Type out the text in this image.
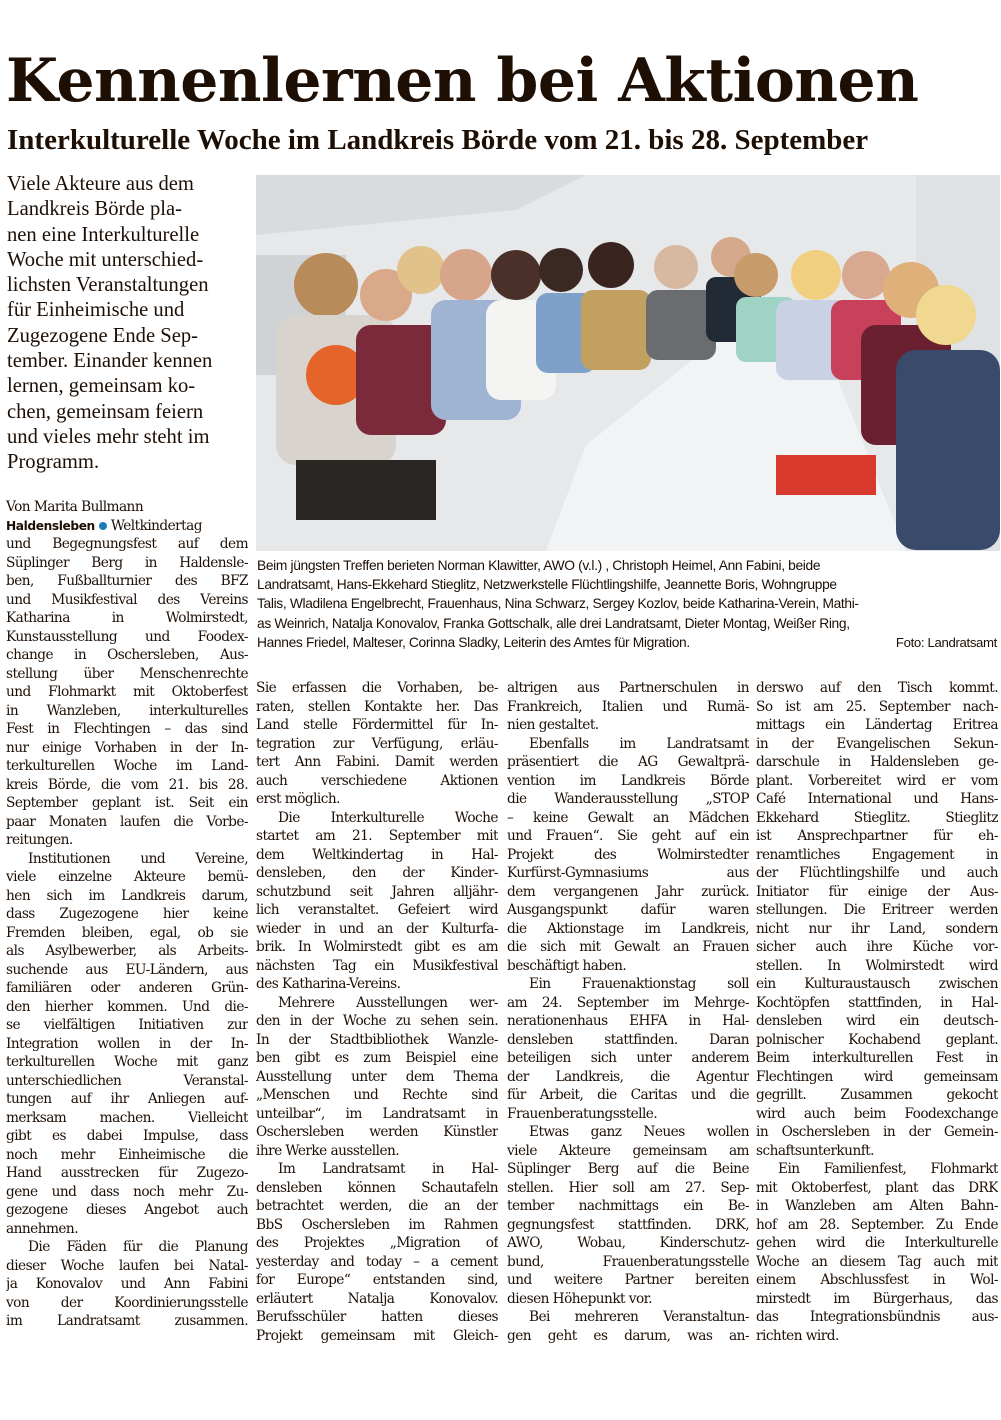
Kennenlernen bei Aktionen
Interkulturelle Woche im Landkreis Börde vom 21. bis 28. September
Viele Akteure aus dem
Landkreis Börde pla-
nen eine Interkulturelle
Woche mit unterschied-
lichsten Veranstaltungen
für Einheimische und
Zugezogene Ende Sep-
tember. Einander kennen
lernen, gemeinsam ko-
chen, gemeinsam feiern
und vieles mehr steht im
Programm.
Beim jüngsten Treffen berieten Norman Klawitter, AWO (v.l.) , Christoph Heimel, Ann Fabini, beide
Landratsamt, Hans-Ekkehard Stieglitz, Netzwerkstelle Flüchtlingshilfe, Jeannette Boris, Wohngruppe
Talis, Wladilena Engelbrecht, Frauenhaus, Nina Schwarz, Sergey Kozlov, beide Katharina-Verein, Mathi-
as Weinrich, Natalja Konovalov, Franka Gottschalk, alle drei Landratsamt, Dieter Montag, Weißer Ring,
Hannes Friedel, Malteser, Corinna Sladky, Leiterin des Amtes für Migration.	Foto: Landratsamt
Von Marita Bullmann
Haldensleben Weltkindertag
und Begegnungsfest auf dem
Süplinger Berg in Haldensle-
ben, Fußballturnier des BFZ
und Musikfestival des Vereins
Katharina in Wolmirstedt,
Kunstausstellung und Foodex-
change in Oschersleben, Aus-
stellung über Menschenrechte
und Flohmarkt mit Oktoberfest
in Wanzleben, interkulturelles
Fest in Flechtingen – das sind
nur einige Vorhaben in der In-
terkulturellen Woche im Land-
kreis Börde, die vom 21. bis 28.
September geplant ist. Seit ein
paar Monaten laufen die Vorbe-
reitungen.
Institutionen und Vereine,
viele einzelne Akteure bemü-
hen sich im Landkreis darum,
dass Zugezogene hier keine
Fremden bleiben, egal, ob sie
als Asylbewerber, als Arbeits-
suchende aus EU-Ländern, aus
familiären oder anderen Grün-
den hierher kommen. Und die-
se vielfältigen Initiativen zur
Integration wollen in der In-
terkulturellen Woche mit ganz
unterschiedlichen Veranstal-
tungen auf ihr Anliegen auf-
merksam machen. Vielleicht
gibt es dabei Impulse, dass
noch mehr Einheimische die
Hand ausstrecken für Zugezo-
gene und dass noch mehr Zu-
gezogene dieses Angebot auch
annehmen.
Die Fäden für die Planung
dieser Woche laufen bei Natal-
ja Konovalov und Ann Fabini
von der Koordinierungsstelle
im Landratsamt zusammen.
Sie erfassen die Vorhaben, be-
raten, stellen Kontakte her. Das
Land stelle Fördermittel für In-
tegration zur Verfügung, erläu-
tert Ann Fabini. Damit werden
auch verschiedene Aktionen
erst möglich.
Die Interkulturelle Woche
startet am 21. September mit
dem Weltkindertag in Hal-
densleben, den der Kinder-
schutzbund seit Jahren alljähr-
lich veranstaltet. Gefeiert wird
wieder in und an der Kulturfa-
brik. In Wolmirstedt gibt es am
nächsten Tag ein Musikfestival
des Katharina-Vereins.
Mehrere Ausstellungen wer-
den in der Woche zu sehen sein.
In der Stadtbibliothek Wanzle-
ben gibt es zum Beispiel eine
Ausstellung unter dem Thema
„Menschen und Rechte sind
unteilbar“, im Landratsamt in
Oschersleben werden Künstler
ihre Werke ausstellen.
Im Landratsamt in Hal-
densleben können Schautafeln
betrachtet werden, die an der
BbS Oschersleben im Rahmen
des Projektes „Migration of
yesterday and today – a cement
for Europe“ entstanden sind,
erläutert Natalja Konovalov.
Berufsschüler hatten dieses
Projekt gemeinsam mit Gleich-
altrigen aus Partnerschulen in
Frankreich, Italien und Rumä-
nien gestaltet.
Ebenfalls im Landratsamt
präsentiert die AG Gewaltprä-
vention im Landkreis Börde
die Wanderausstellung „STOP
– keine Gewalt an Mädchen
und Frauen“. Sie geht auf ein
Projekt des Wolmirstedter
Kurfürst-Gymnasiums aus
dem vergangenen Jahr zurück.
Ausgangspunkt dafür waren
die Aktionstage im Landkreis,
die sich mit Gewalt an Frauen
beschäftigt haben.
Ein Frauenaktionstag soll
am 24. September im Mehrge-
nerationenhaus EHFA in Hal-
densleben stattfinden. Daran
beteiligen sich unter anderem
der Landkreis, die Agentur
für Arbeit, die Caritas und die
Frauenberatungsstelle.
Etwas ganz Neues wollen
viele Akteure gemeinsam am
Süplinger Berg auf die Beine
stellen. Hier soll am 27. Sep-
tember nachmittags ein Be-
gegnungsfest stattfinden. DRK,
AWO, Wobau, Kinderschutz-
bund, Frauenberatungsstelle
und weitere Partner bereiten
diesen Höhepunkt vor.
Bei mehreren Veranstaltun-
gen geht es darum, was an-
derswo auf den Tisch kommt.
So ist am 25. September nach-
mittags ein Ländertag Eritrea
in der Evangelischen Sekun-
darschule in Haldensleben ge-
plant. Vorbereitet wird er vom
Café International und Hans-
Ekkehard Stieglitz. Stieglitz
ist Ansprechpartner für eh-
renamtliches Engagement in
der Flüchtlingshilfe und auch
Initiator für einige der Aus-
stellungen. Die Eritreer werden
nicht nur ihr Land, sondern
sicher auch ihre Küche vor-
stellen. In Wolmirstedt wird
ein Kulturaustausch zwischen
Kochtöpfen stattfinden, in Hal-
densleben wird ein deutsch-
polnischer Kochabend geplant.
Beim interkulturellen Fest in
Flechtingen wird gemeinsam
gegrillt. Zusammen gekocht
wird auch beim Foodexchange
in Oschersleben in der Gemein-
schaftsunterkunft.
Ein Familienfest, Flohmarkt
mit Oktoberfest, plant das DRK
in Wanzleben am Alten Bahn-
hof am 28. September. Zu Ende
gehen wird die Interkulturelle
Woche an diesem Tag auch mit
einem Abschlussfest in Wol-
mirstedt im Bürgerhaus, das
das Integrationsbündnis aus-
richten wird.
